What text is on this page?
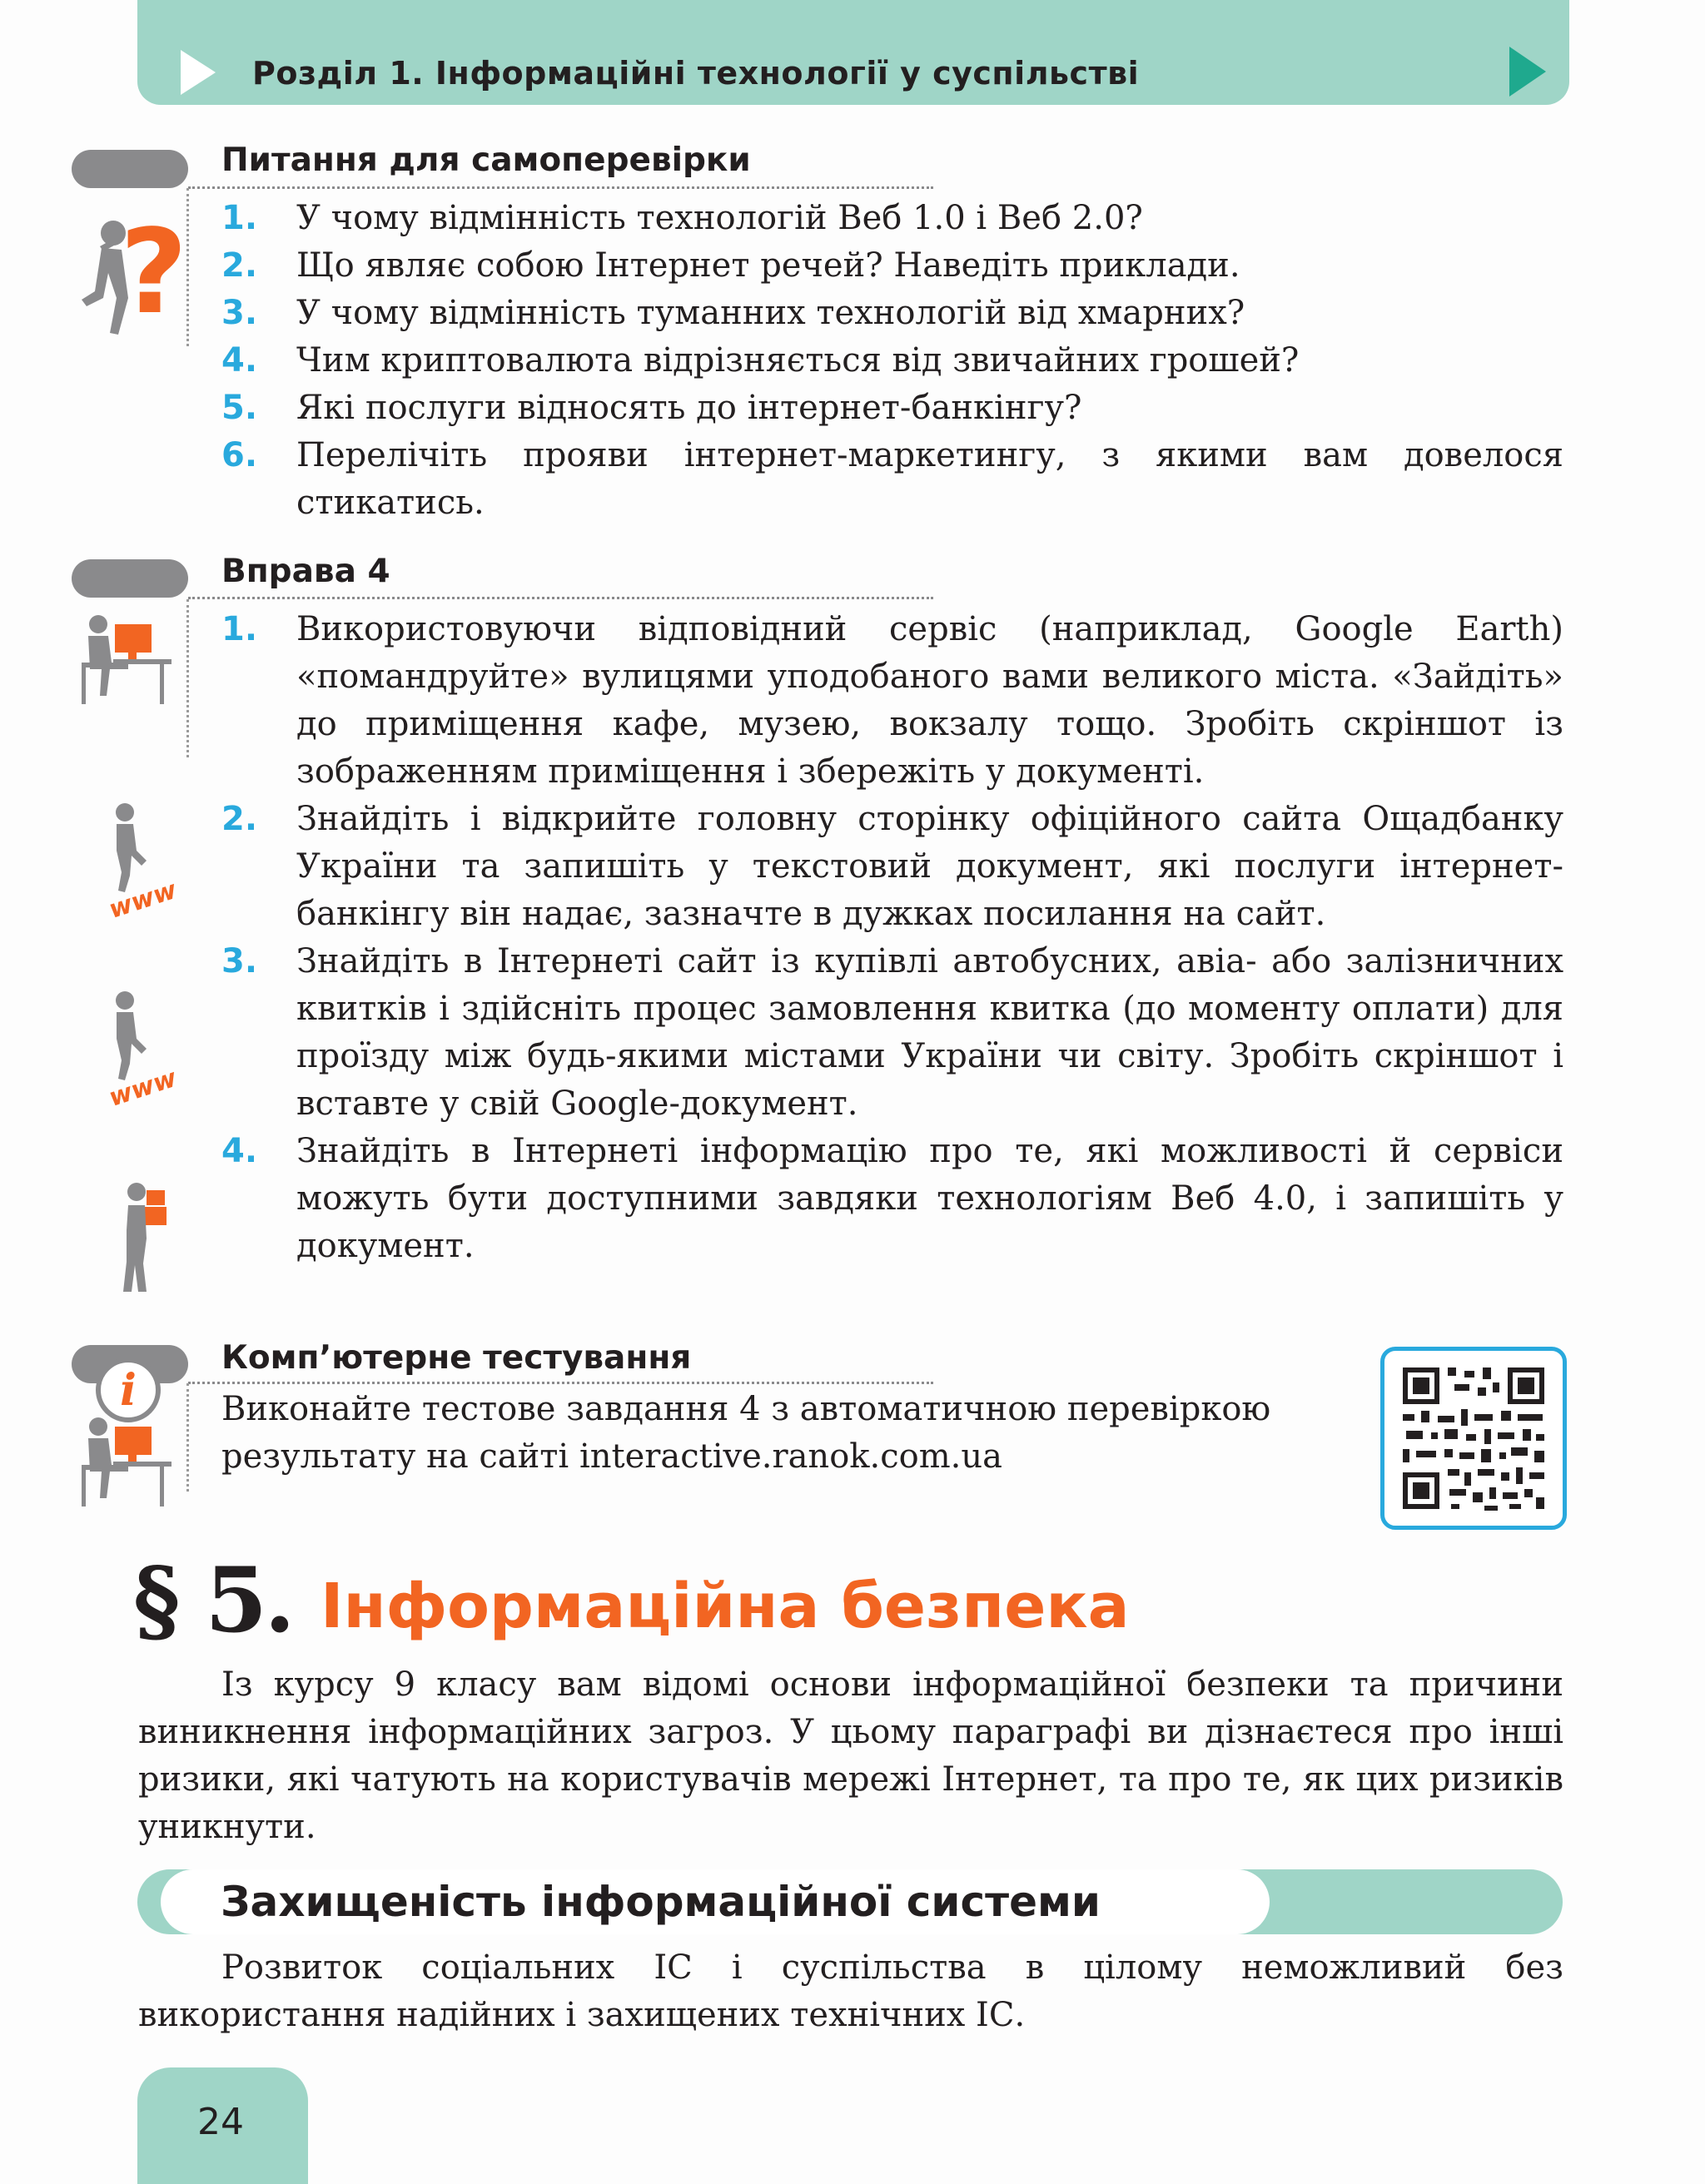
Розділ 1. Інформаційні технології у суспільстві
Питання для самоперевірки
? 1. У чому відмінність технологій Веб 1.0 і Веб 2.0?
2. Що являє собою Інтернет речей? Наведіть приклади.
3. У чому відмінність туманних технологій від хмарних?
4. Чим криптовалюта відрізняється від звичайних грошей?
5. Які послуги відносять до інтернет-банкінгу?
6. Перелічіть прояви інтернет-маркетингу, з якими вам довелося стикатись.
Вправа 4
www
www
1. Використовуючи відповідний сервіс (наприклад, Google Earth) «помандруйте» вулицями уподобаного вами великого міста. «Зайдіть» до приміщення кафе, музею, вокзалу тощо. Зробіть скріншот із зображенням приміщення і збережіть у документі.
2. Знайдіть і відкрийте головну сторінку офіційного сайта Ощадбанку України та запишіть у текстовий документ, які послуги інтернет-банкінгу він надає, зазначте в дужках посилання на сайт.
3. Знайдіть в Інтернеті сайт із купівлі автобусних, авіа- або залізничних квитків і здійсніть процес замовлення квитка (до моменту оплати) для проїзду між будь-якими містами України чи світу. Зробіть скріншот і вставте у свій Google-документ.
4. Знайдіть в Інтернеті інформацію про те, які можливості й сервіси можуть бути доступними завдяки технологіям Веб 4.0, і запишіть у документ.
Комп’ютерне тестування
i	Виконайте тестове завдання 4 з автоматичною перевіркою результату на сайті interactive.ranok.com.ua
§ 5. Інформаційна безпека

Із курсу 9 класу вам відомі основи інформаційної безпеки та причини виникнення інформаційних загроз. У цьому параграфі ви дізнаєтеся про інші ризики, які чатують на користувачів мережі Інтернет, та про те, як цих ризиків уникнути.

Захищеність інформаційної системи

Розвиток соціальних ІС і суспільства в цілому неможливий без використання надійних і захищених технічних ІС.

24
